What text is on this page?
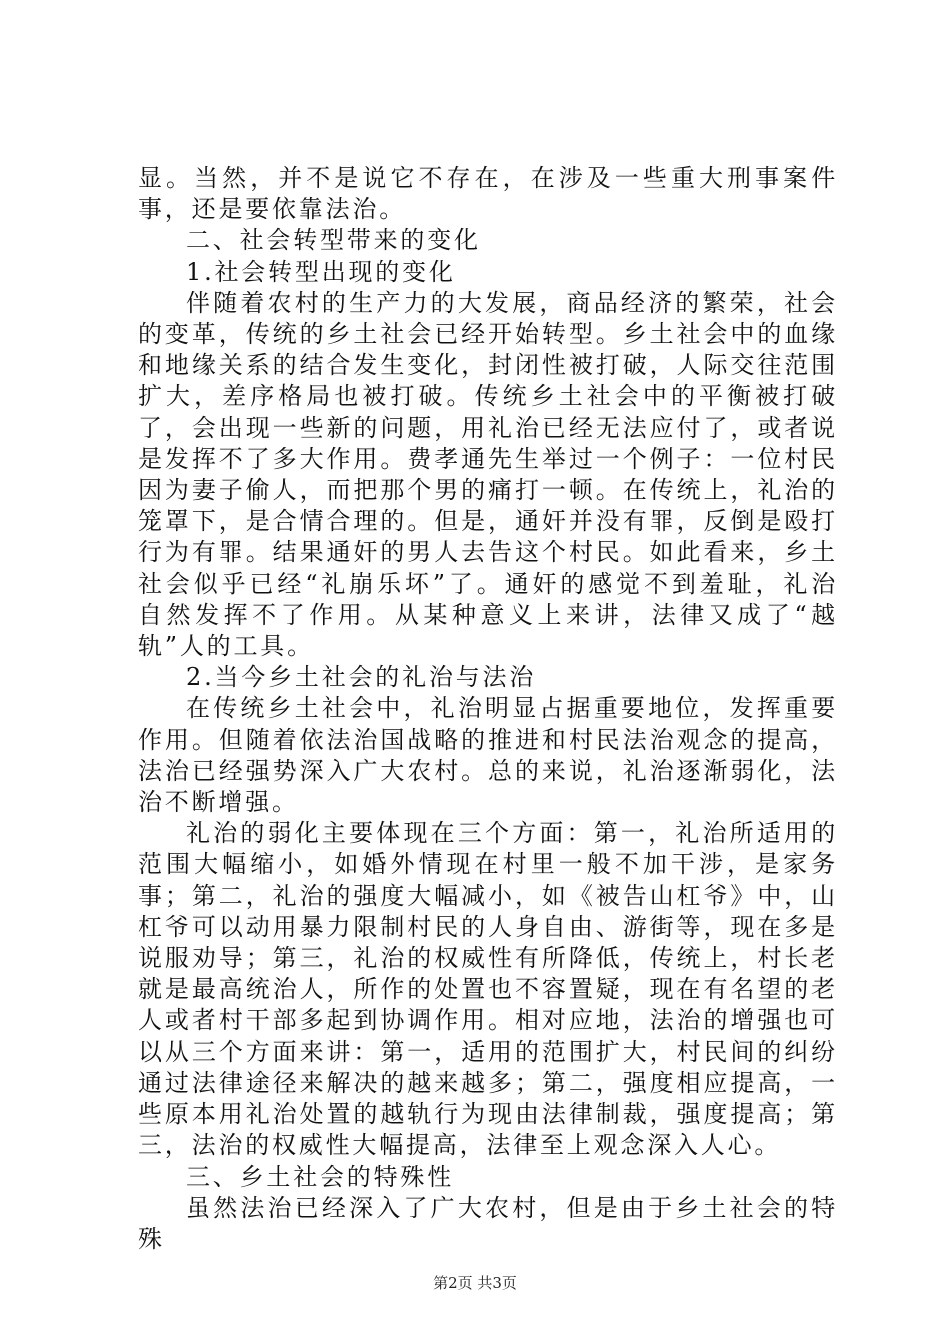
显。当然，并不是说它不存在，在涉及一些重大刑事案件事，还是要依靠法治。

二、社会转型带来的变化

1.社会转型出现的变化

伴随着农村的生产力的大发展，商品经济的繁荣，社会的变革，传统的乡土社会已经开始转型。乡土社会中的血缘和地缘关系的结合发生变化，封闭性被打破，人际交往范围扩大，差序格局也被打破。传统乡土社会中的平衡被打破了，会出现一些新的问题，用礼治已经无法应付了，或者说是发挥不了多大作用。费孝通先生举过一个例子：一位村民因为妻子偷人，而把那个男的痛打一顿。在传统上，礼治的笼罩下，是合情合理的。但是，通奸并没有罪，反倒是殴打行为有罪。结果通奸的男人去告这个村民。如此看来，乡土社会似乎已经“礼崩乐坏”了。通奸的感觉不到羞耻，礼治自然发挥不了作用。从某种意义上来讲，法律又成了“越轨”人的工具。

2.当今乡土社会的礼治与法治

在传统乡土社会中，礼治明显占据重要地位，发挥重要作用。但随着依法治国战略的推进和村民法治观念的提高，法治已经强势深入广大农村。总的来说，礼治逐渐弱化，法治不断增强。

礼治的弱化主要体现在三个方面：第一，礼治所适用的范围大幅缩小，如婚外情现在村里一般不加干涉，是家务事；第二，礼治的强度大幅减小，如《被告山杠爷》中，山杠爷可以动用暴力限制村民的人身自由、游街等，现在多是说服劝导；第三，礼治的权威性有所降低，传统上，村长老就是最高统治人，所作的处置也不容置疑，现在有名望的老人或者村干部多起到协调作用。相对应地，法治的增强也可以从三个方面来讲：第一，适用的范围扩大，村民间的纠纷通过法律途径来解决的越来越多；第二，强度相应提高，一些原本用礼治处置的越轨行为现由法律制裁，强度提高；第三，法治的权威性大幅提高，法律至上观念深入人心。

三、乡土社会的特殊性

虽然法治已经深入了广大农村，但是由于乡土社会的特殊

第2页 共3页
